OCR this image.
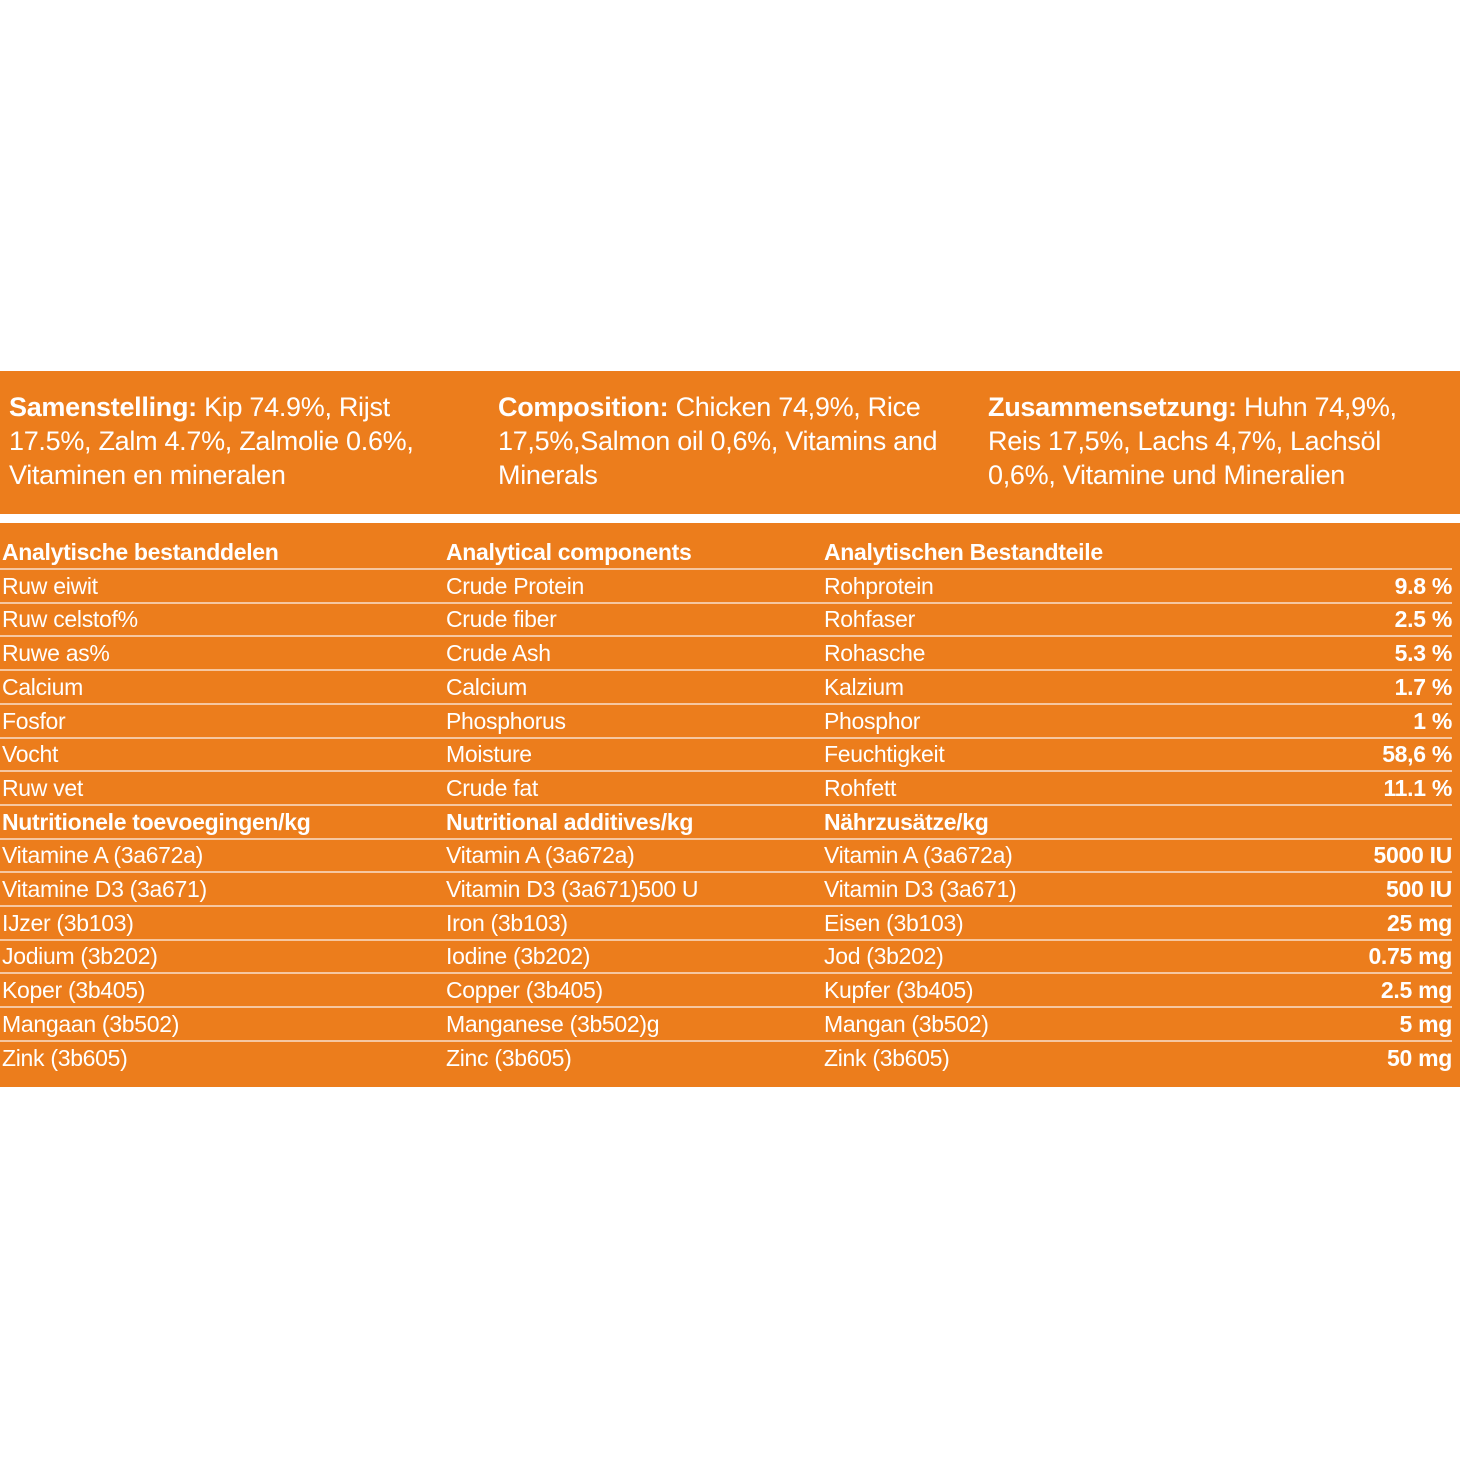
Samenstelling: Kip 74.9%, Rijst 17.5%, Zalm 4.7%, Zalmolie 0.6%, Vitaminen en mineralen
Composition: Chicken 74,9%, Rice 17,5%,Salmon oil 0,6%, Vitamins and Minerals
Zusammensetzung: Huhn 74,9%, Reis 17,5%, Lachs 4,7%, Lachsöl 0,6%, Vitamine und Mineralien
Analytische bestanddelen	Analytical components	Analytischen Bestandteile
Ruw eiwit	Crude Protein	Rohprotein	9.8 %
Ruw celstof%	Crude fiber	Rohfaser	2.5 %
Ruwe as%	Crude Ash	Rohasche	5.3 %
Calcium	Calcium	Kalzium	1.7 %
Fosfor	Phosphorus	Phosphor	1 %
Vocht	Moisture	Feuchtigkeit	58,6 %
Ruw vet	Crude fat	Rohfett	11.1 %
Nutritionele toevoegingen/kg	Nutritional additives/kg	Nährzusätze/kg
Vitamine A (3a672a)	Vitamin A (3a672a)	Vitamin A (3a672a)	5000 IU
Vitamine D3 (3a671)	Vitamin D3 (3a671)500 U	Vitamin D3 (3a671)	500 IU
IJzer (3b103)	Iron (3b103)	Eisen (3b103)	25 mg
Jodium (3b202)	Iodine (3b202)	Jod (3b202)	0.75 mg
Koper (3b405)	Copper (3b405)	Kupfer (3b405)	2.5 mg
Mangaan (3b502)	Manganese (3b502)g	Mangan (3b502)	5 mg
Zink (3b605)	Zinc (3b605)	Zink (3b605)	50 mg
